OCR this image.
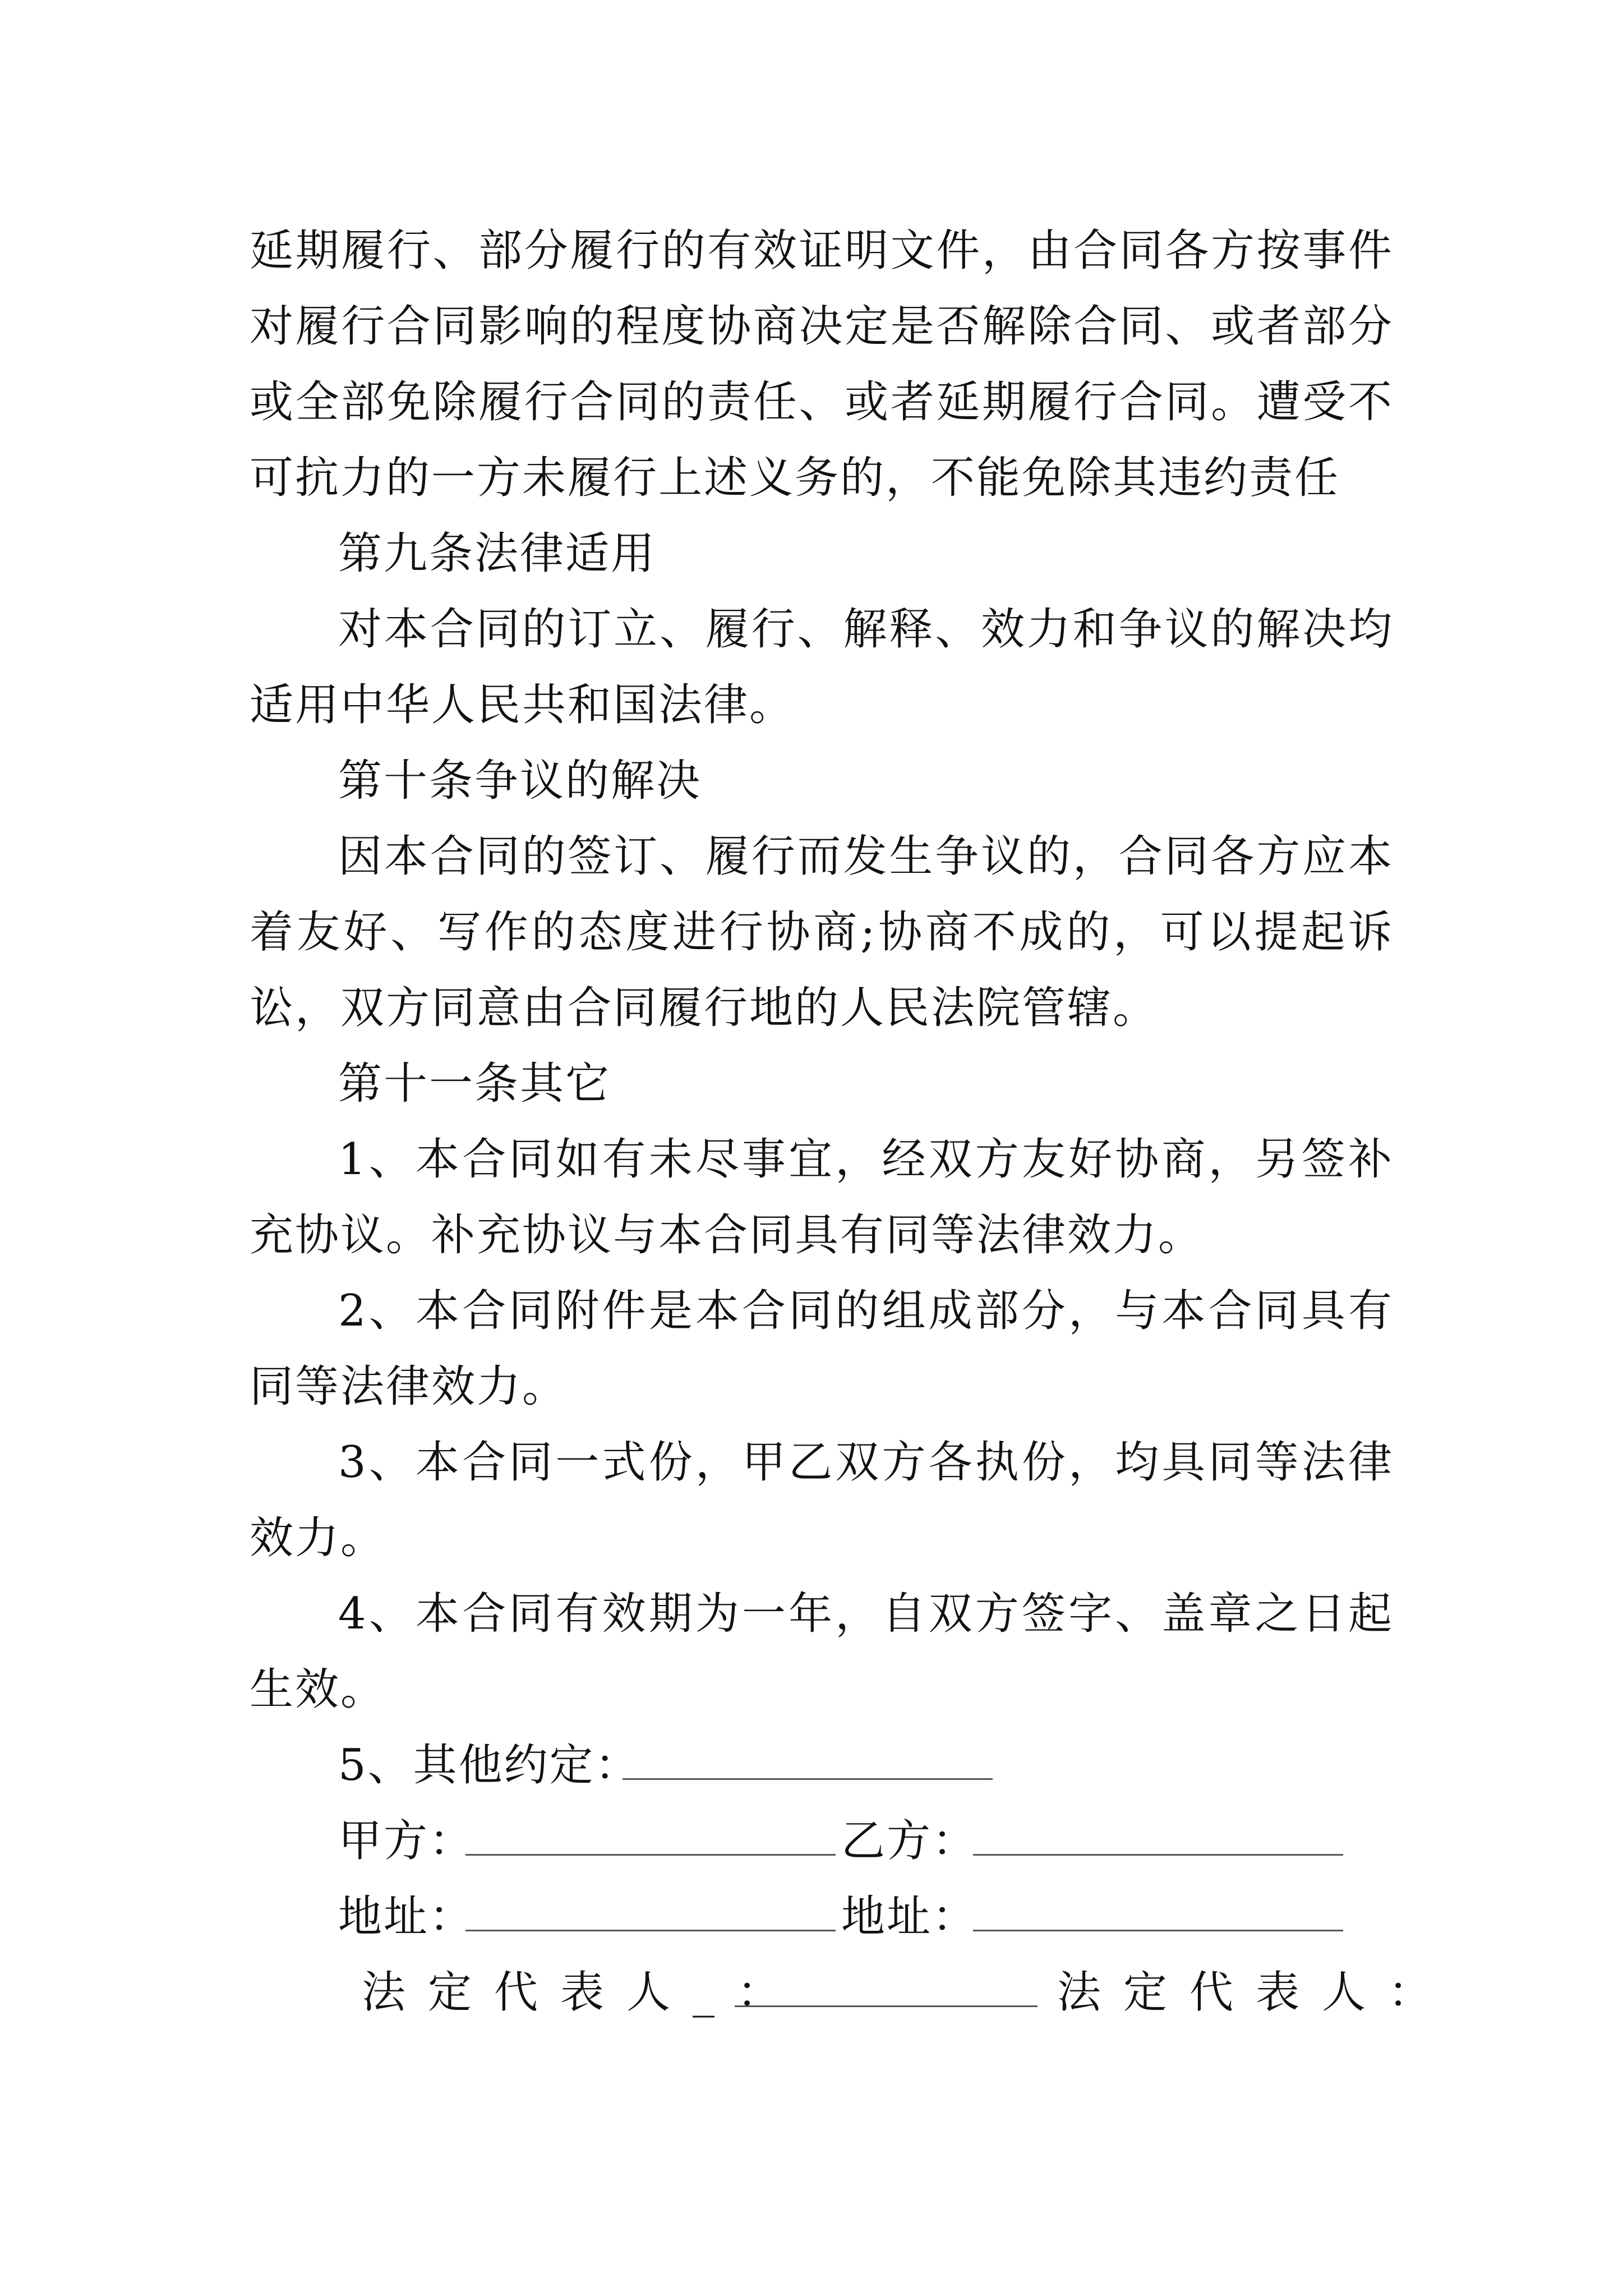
延期履行、部分履行的有效证明文件，由合同各方按事件对履行合同影响的程度协商决定是否解除合同、或者部分或全部免除履行合同的责任、或者延期履行合同。遭受不可抗力的一方未履行上述义务的，不能免除其违约责任

第九条法律适用

对本合同的订立、履行、解释、效力和争议的解决均适用中华人民共和国法律。

第十条争议的解决

因本合同的签订、履行而发生争议的，合同各方应本着友好、写作的态度进行协商;协商不成的，可以提起诉讼，双方同意由合同履行地的人民法院管辖。

第十一条其它

1、本合同如有未尽事宜，经双方友好协商，另签补充协议。补充协议与本合同具有同等法律效力。

2、本合同附件是本合同的组成部分，与本合同具有同等法律效力。

3、本合同一式份，甲乙双方各执份，均具同等法律效力。

4、本合同有效期为一年，自双方签字、盖章之日起生效。

5、其他约定：
甲方：	乙方：
地址：	地址：
法定代表人_：	法定代表人：
